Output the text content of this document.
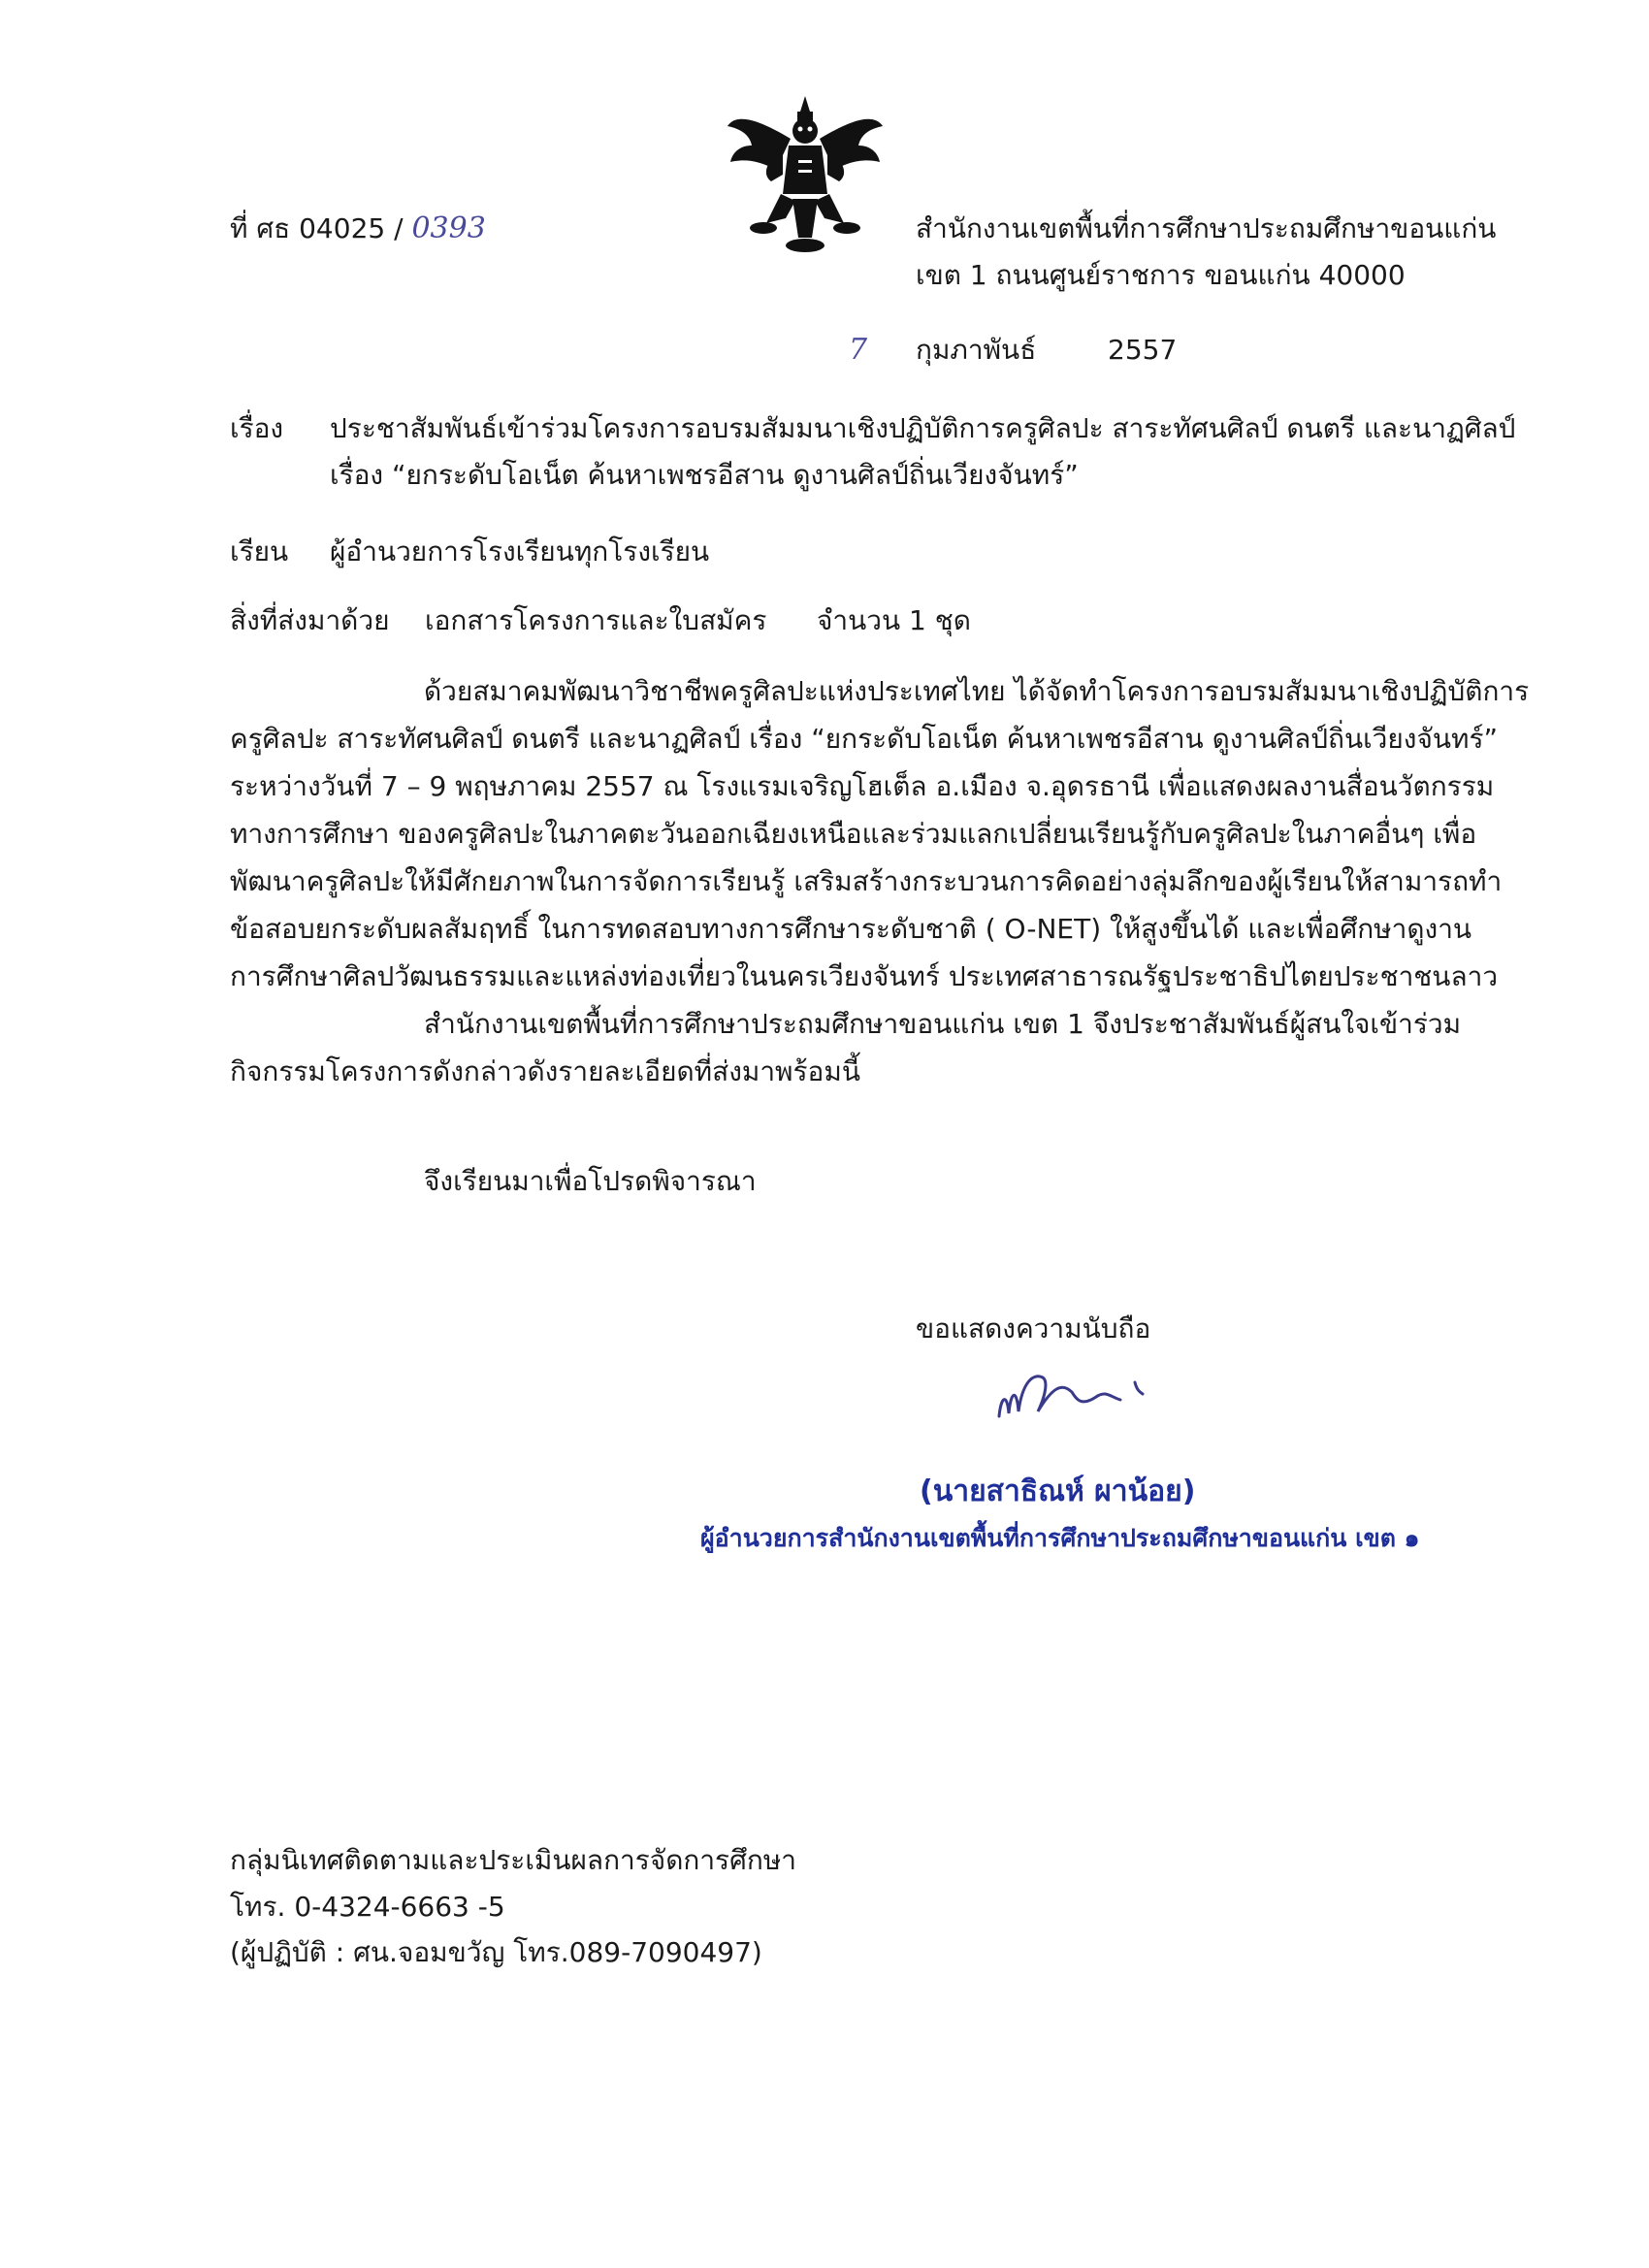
ที่ ศธ 04025 / 0393	สำนักงานเขตพื้นที่การศึกษาประถมศึกษาขอนแก่น
เขต 1 ถนนศูนย์ราชการ ขอนแก่น 40000
7 กุมภาพันธ์	2557
เรื่อง ประชาสัมพันธ์เข้าร่วมโครงการอบรมสัมมนาเชิงปฏิบัติการครูศิลปะ สาระทัศนศิลป์ ดนตรี และนาฏศิลป์
เรื่อง “ยกระดับโอเน็ต ค้นหาเพชรอีสาน ดูงานศิลป์ถิ่นเวียงจันทร์”
เรียน ผู้อำนวยการโรงเรียนทุกโรงเรียน
สิ่งที่ส่งมาด้วย เอกสารโครงการและใบสมัคร จำนวน 1 ชุด
ด้วยสมาคมพัฒนาวิชาชีพครูศิลปะแห่งประเทศไทย ได้จัดทำโครงการอบรมสัมมนาเชิงปฏิบัติการ
ครูศิลปะ สาระทัศนศิลป์ ดนตรี และนาฏศิลป์ เรื่อง “ยกระดับโอเน็ต ค้นหาเพชรอีสาน ดูงานศิลป์ถิ่นเวียงจันทร์”
ระหว่างวันที่ 7 – 9 พฤษภาคม 2557 ณ โรงแรมเจริญโฮเต็ล อ.เมือง จ.อุดรธานี เพื่อแสดงผลงานสื่อนวัตกรรม
ทางการศึกษา ของครูศิลปะในภาคตะวันออกเฉียงเหนือและร่วมแลกเปลี่ยนเรียนรู้กับครูศิลปะในภาคอื่นๆ เพื่อ
พัฒนาครูศิลปะให้มีศักยภาพในการจัดการเรียนรู้ เสริมสร้างกระบวนการคิดอย่างลุ่มลึกของผู้เรียนให้สามารถทำ
ข้อสอบยกระดับผลสัมฤทธิ์ ในการทดสอบทางการศึกษาระดับชาติ ( O-NET) ให้สูงขึ้นได้ และเพื่อศึกษาดูงาน
การศึกษาศิลปวัฒนธรรมและแหล่งท่องเที่ยวในนครเวียงจันทร์ ประเทศสาธารณรัฐประชาธิปไตยประชาชนลาว
สำนักงานเขตพื้นที่การศึกษาประถมศึกษาขอนแก่น เขต 1 จึงประชาสัมพันธ์ผู้สนใจเข้าร่วม
กิจกรรมโครงการดังกล่าวดังรายละเอียดที่ส่งมาพร้อมนี้
จึงเรียนมาเพื่อโปรดพิจารณา
ขอแสดงความนับถือ
(นายสาธิณห์ ผาน้อย)
ผู้อำนวยการสำนักงานเขตพื้นที่การศึกษาประถมศึกษาขอนแก่น เขต ๑
กลุ่มนิเทศติดตามและประเมินผลการจัดการศึกษา
โทร. 0-4324-6663 -5
(ผู้ปฏิบัติ : ศน.จอมขวัญ โทร.089-7090497)
